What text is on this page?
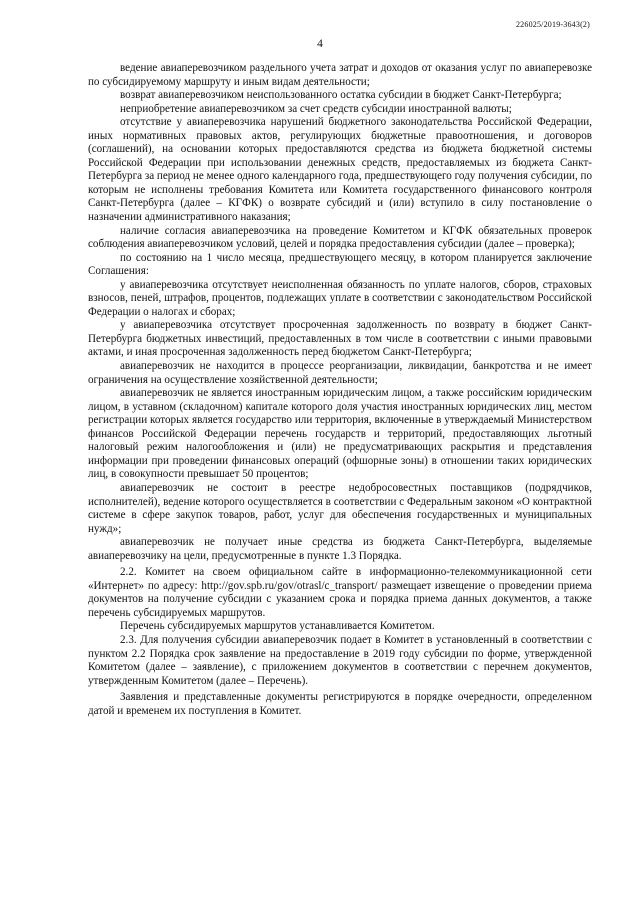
226025/2019-3643(2)
4

ведение авиаперевозчиком раздельного учета затрат и доходов от оказания услуг по авиаперевозке по субсидируемому маршруту и иным видам деятельности;

возврат авиаперевозчиком неиспользованного остатка субсидии в бюджет Санкт-Петербурга;

неприобретение авиаперевозчиком за счет средств субсидии иностранной валюты;

отсутствие у авиаперевозчика нарушений бюджетного законодательства Российской Федерации, иных нормативных правовых актов, регулирующих бюджетные правоотношения, и договоров (соглашений), на основании которых предоставляются средства из бюджета бюджетной системы Российской Федерации при использовании денежных средств, предоставляемых из бюджета Санкт-Петербурга за период не менее одного календарного года, предшествующего году получения субсидии, по которым не исполнены требования Комитета или Комитета государственного финансового контроля Санкт-Петербурга (далее – КГФК) о возврате субсидий и (или) вступило в силу постановление о назначении административного наказания;

наличие согласия авиаперевозчика на проведение Комитетом и КГФК обязательных проверок соблюдения авиаперевозчиком условий, целей и порядка предоставления субсидии (далее – проверка);

по состоянию на 1 число месяца, предшествующего месяцу, в котором планируется заключение Соглашения:

у авиаперевозчика отсутствует неисполненная обязанность по уплате налогов, сборов, страховых взносов, пеней, штрафов, процентов, подлежащих уплате в соответствии с законодательством Российской Федерации о налогах и сборах;

у авиаперевозчика отсутствует просроченная задолженность по возврату в бюджет Санкт-Петербурга бюджетных инвестиций, предоставленных в том числе в соответствии с иными правовыми актами, и иная просроченная задолженность перед бюджетом Санкт-Петербурга;

авиаперевозчик не находится в процессе реорганизации, ликвидации, банкротства и не имеет ограничения на осуществление хозяйственной деятельности;

авиаперевозчик не является иностранным юридическим лицом, а также российским юридическим лицом, в уставном (складочном) капитале которого доля участия иностранных юридических лиц, местом регистрации которых является государство или территория, включенные в утверждаемый Министерством финансов Российской Федерации перечень государств и территорий, предоставляющих льготный налоговый режим налогообложения и (или) не предусматривающих раскрытия и представления информации при проведении финансовых операций (офшорные зоны) в отношении таких юридических лиц, в совокупности превышает 50 процентов;

авиаперевозчик не состоит в реестре недобросовестных поставщиков (подрядчиков, исполнителей), ведение которого осуществляется в соответствии с Федеральным законом «О контрактной системе в сфере закупок товаров, работ, услуг для обеспечения государственных и муниципальных нужд»;

авиаперевозчик не получает иные средства из бюджета Санкт-Петербурга, выделяемые авиаперевозчику на цели, предусмотренные в пункте 1.3 Порядка.

2.2. Комитет на своем официальном сайте в информационно-телекоммуникационной сети «Интернет» по адресу: http://gov.spb.ru/gov/otrasl/c_transport/ размещает извещение о проведении приема документов на получение субсидии с указанием срока и порядка приема данных документов, а также перечень субсидируемых маршрутов.

Перечень субсидируемых маршрутов устанавливается Комитетом.

2.3. Для получения субсидии авиаперевозчик подает в Комитет в установленный в соответствии с пунктом 2.2 Порядка срок заявление на предоставление в 2019 году субсидии по форме, утвержденной Комитетом (далее – заявление), с приложением документов в соответствии с перечнем документов, утвержденным Комитетом (далее – Перечень).

Заявления и представленные документы регистрируются в порядке очередности, определенном датой и временем их поступления в Комитет.
